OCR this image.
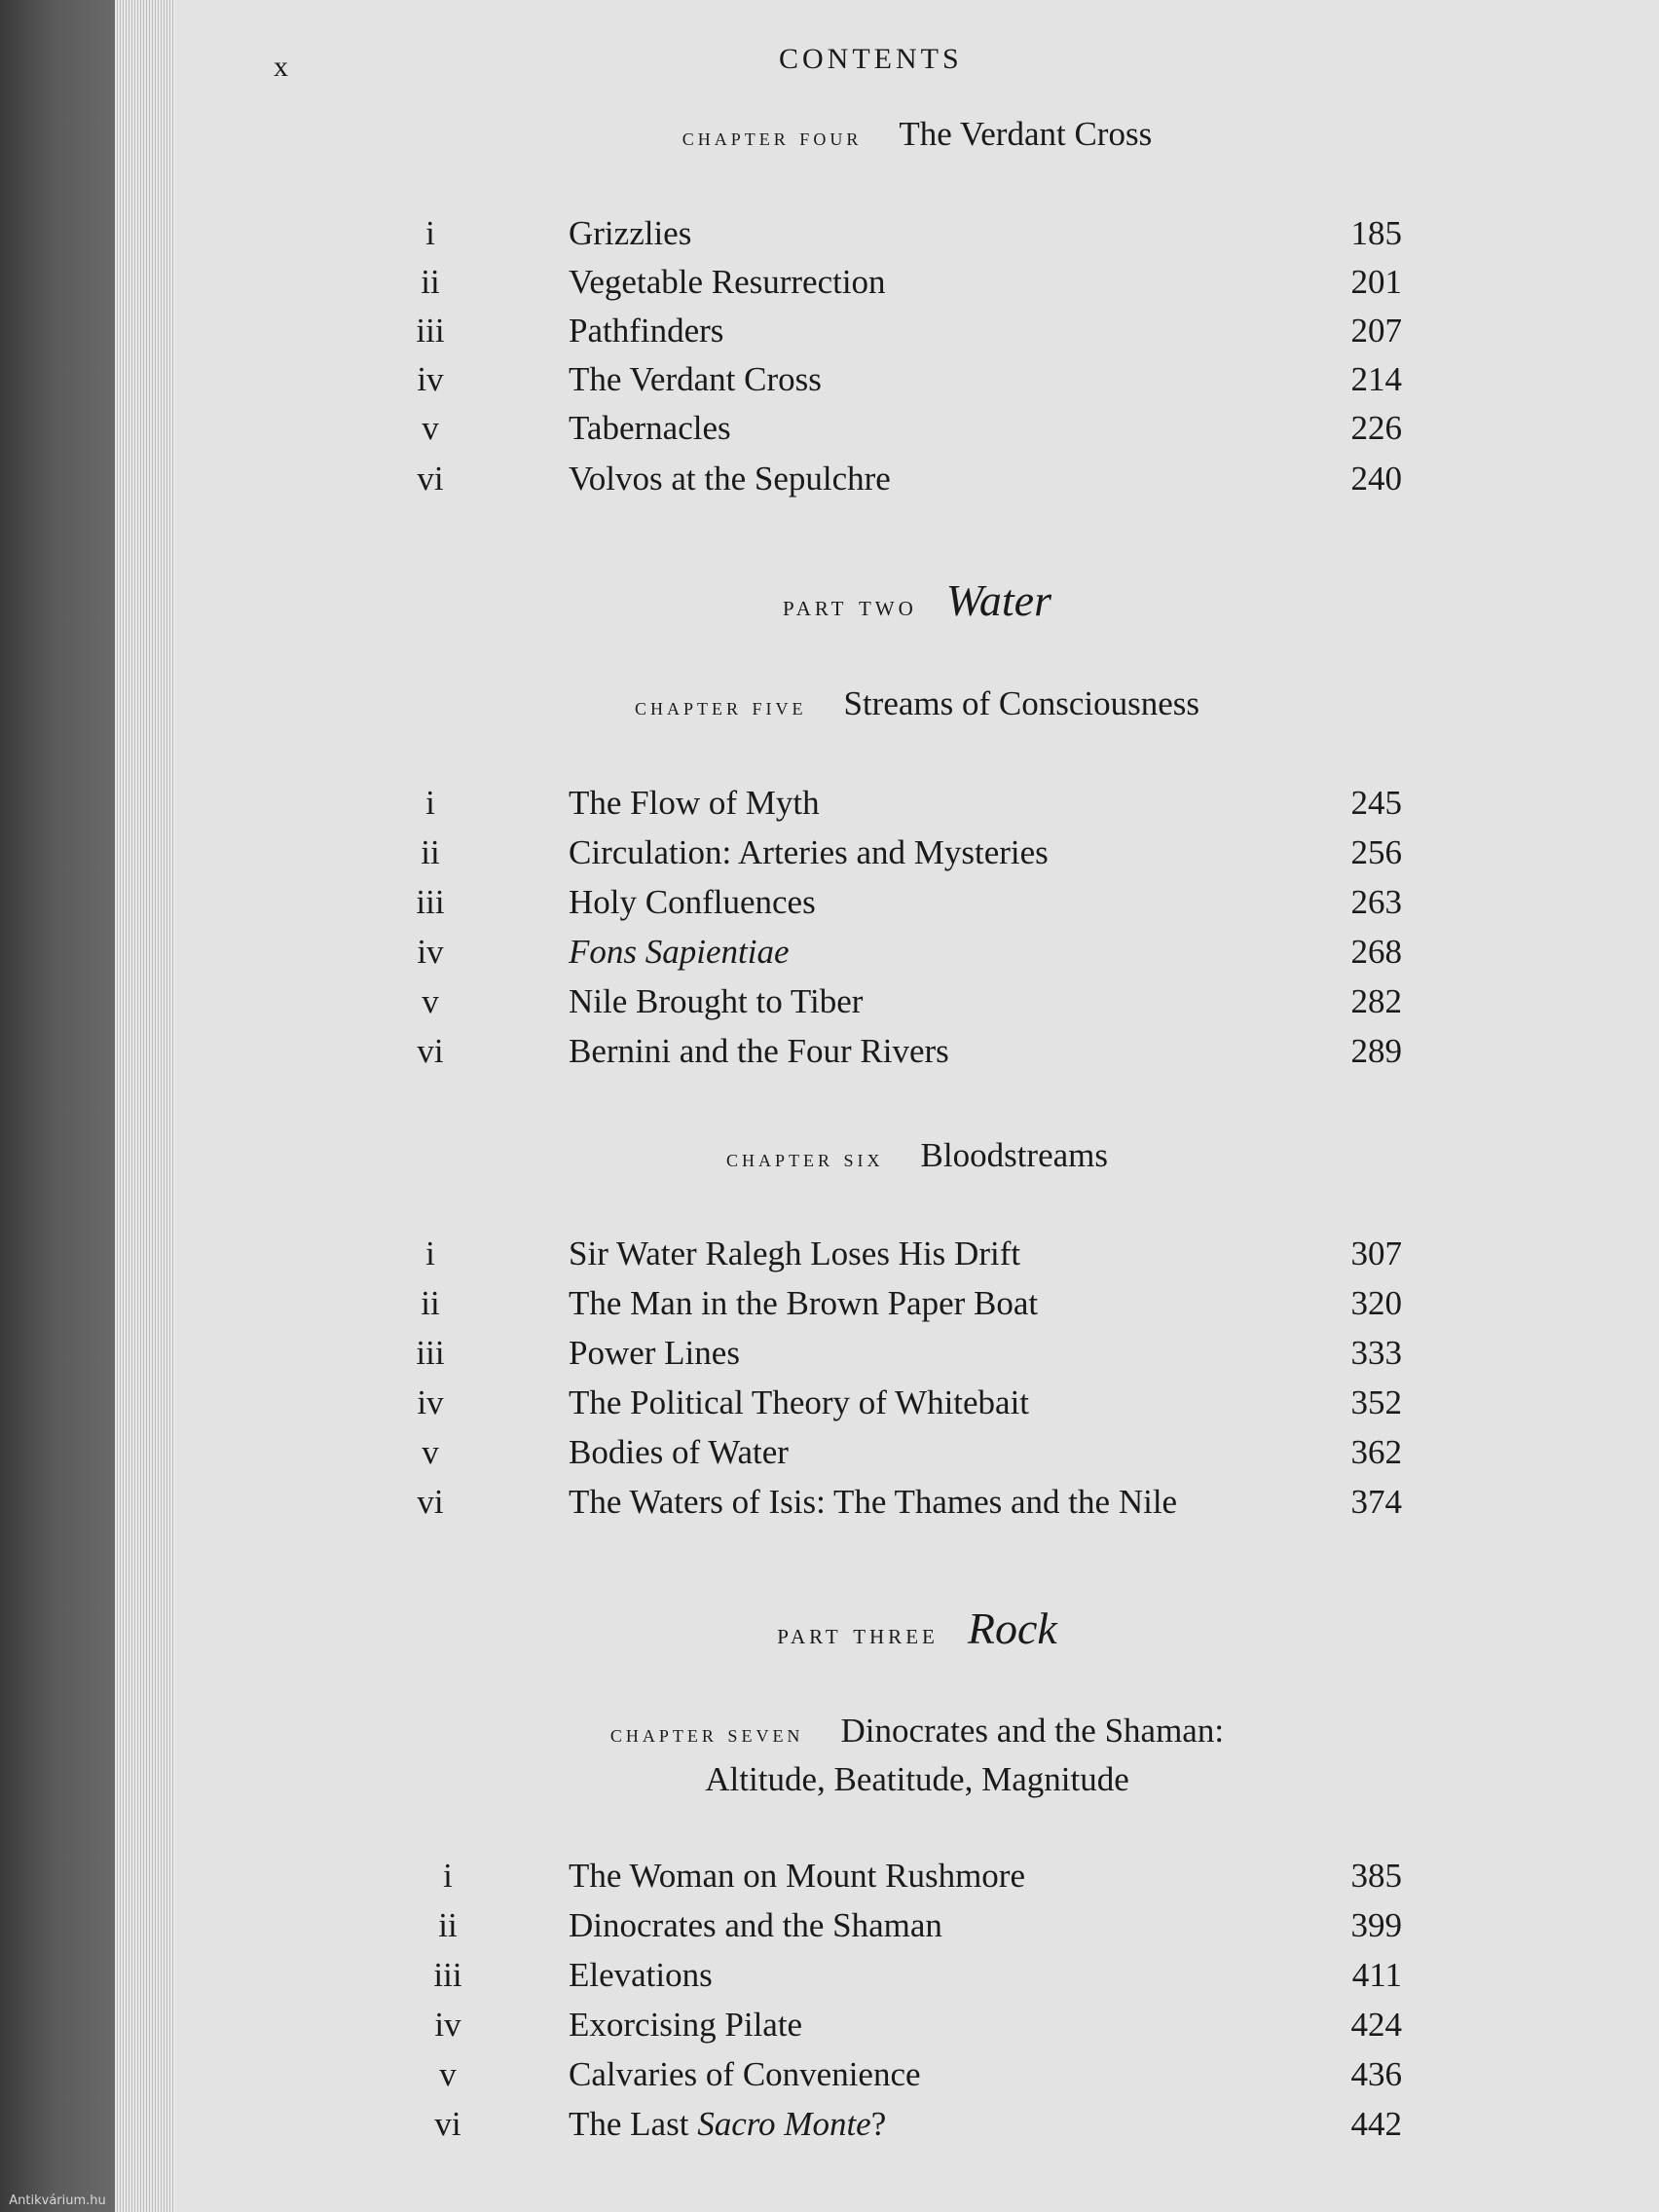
Antikvárium.hu
x	CONTENTS
chapter four The Verdant Cross
i	Grizzlies	185
ii	Vegetable Resurrection	201
iii	Pathfinders	207
iv	The Verdant Cross	214
v	Tabernacles	226
vi	Volvos at the Sepulchre	240
part two Water
chapter five Streams of Consciousness
i	The Flow of Myth	245
ii	Circulation: Arteries and Mysteries	256
iii	Holy Confluences	263
iv	Fons Sapientiae	268
v	Nile Brought to Tiber	282
vi	Bernini and the Four Rivers	289
chapter six Bloodstreams
i	Sir Water Ralegh Loses His Drift	307
ii	The Man in the Brown Paper Boat	320
iii	Power Lines	333
iv	The Political Theory of Whitebait	352
v	Bodies of Water	362
vi	The Waters of Isis: The Thames and the Nile	374
part three Rock
chapter seven Dinocrates and the Shaman:
Altitude, Beatitude, Magnitude
i	The Woman on Mount Rushmore	385
ii	Dinocrates and the Shaman	399
iii	Elevations	411
iv	Exorcising Pilate	424
v	Calvaries of Convenience	436
vi	The Last Sacro Monte?	442
